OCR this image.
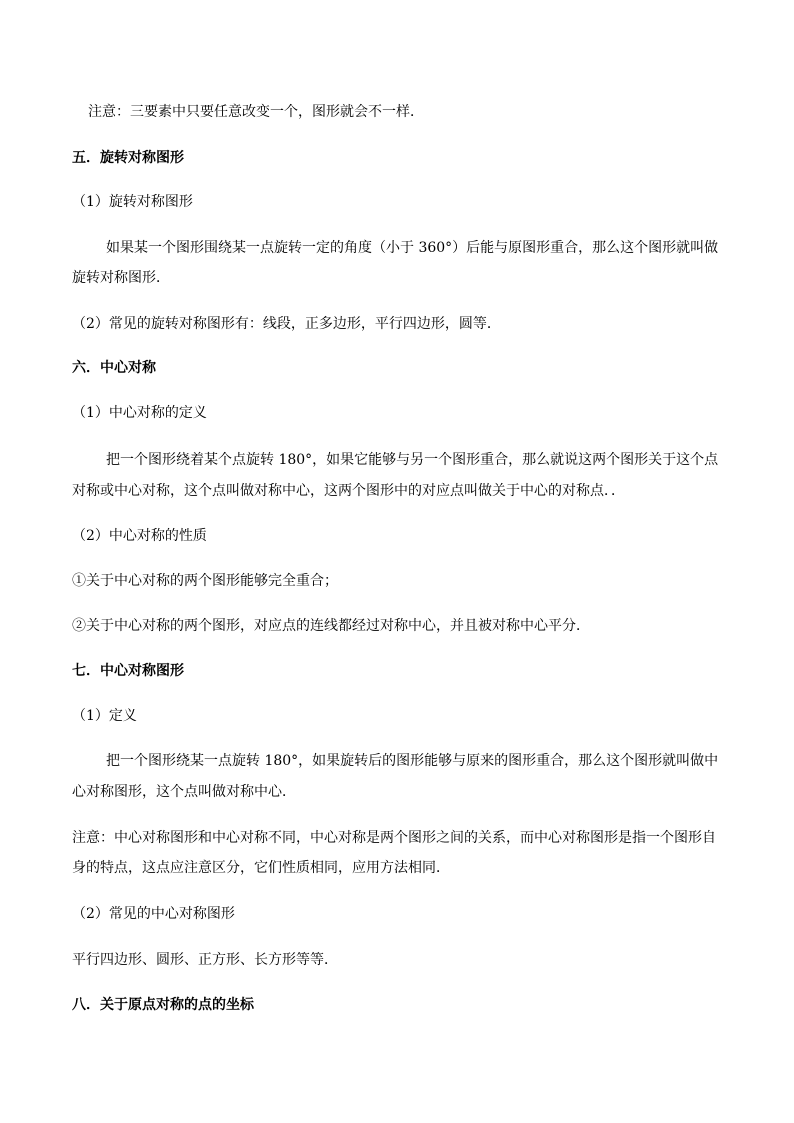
注意：三要素中只要任意改变一个，图形就会不一样．
五．旋转对称图形
（1）旋转对称图形
如果某一个图形围绕某一点旋转一定的角度（小于 360°）后能与原图形重合，那么这个图形就叫做
旋转对称图形．
（2）常见的旋转对称图形有：线段，正多边形，平行四边形，圆等．
六．中心对称
（1）中心对称的定义
把一个图形绕着某个点旋转 180°，如果它能够与另一个图形重合，那么就说这两个图形关于这个点
对称或中心对称，这个点叫做对称中心，这两个图形中的对应点叫做关于中心的对称点．．
（2）中心对称的性质
①关于中心对称的两个图形能够完全重合；
②关于中心对称的两个图形，对应点的连线都经过对称中心，并且被对称中心平分．
七．中心对称图形
（1）定义
把一个图形绕某一点旋转 180°，如果旋转后的图形能够与原来的图形重合，那么这个图形就叫做中
心对称图形，这个点叫做对称中心．
注意：中心对称图形和中心对称不同，中心对称是两个图形之间的关系，而中心对称图形是指一个图形自
身的特点，这点应注意区分，它们性质相同，应用方法相同．
（2）常见的中心对称图形
平行四边形、圆形、正方形、长方形等等．
八．关于原点对称的点的坐标
